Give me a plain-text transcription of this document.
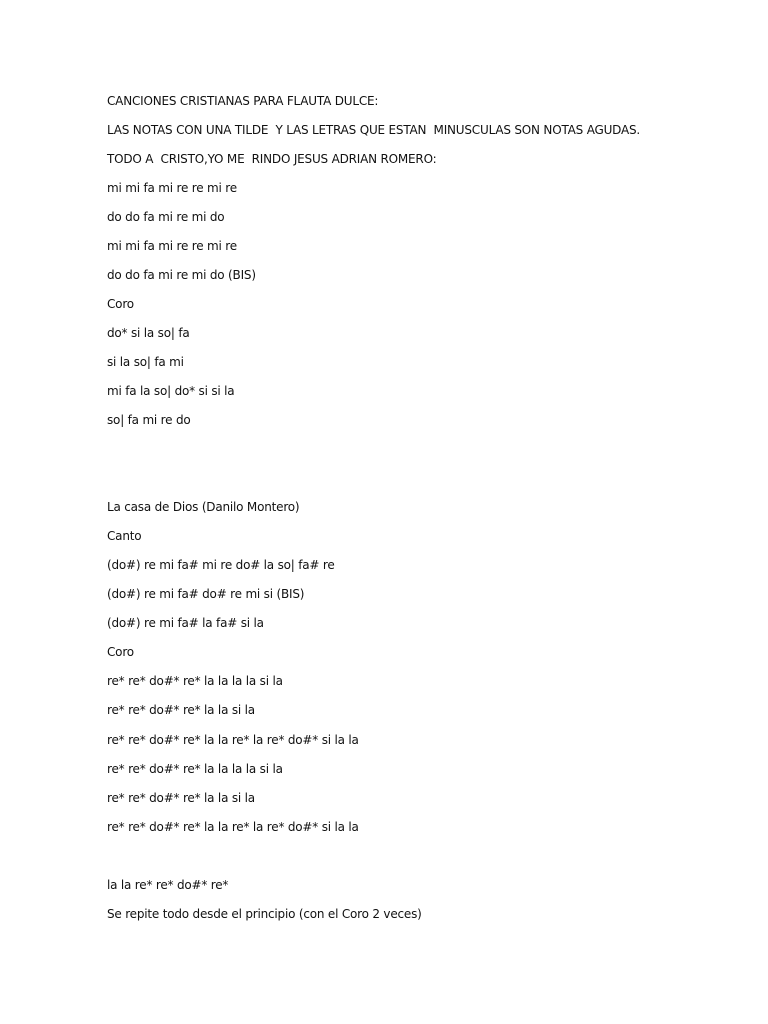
CANCIONES CRISTIANAS PARA FLAUTA DULCE:
LAS NOTAS CON UNA TILDE  Y LAS LETRAS QUE ESTAN  MINUSCULAS SON NOTAS AGUDAS.
TODO A  CRISTO,YO ME  RINDO JESUS ADRIAN ROMERO:
mi mi fa mi re re mi re
do do fa mi re mi do
mi mi fa mi re re mi re
do do fa mi re mi do (BIS)
Coro
do* si la so| fa
si la so| fa mi
mi fa la so| do* si si la
so| fa mi re do
La casa de Dios (Danilo Montero)
Canto
(do#) re mi fa# mi re do# la so| fa# re
(do#) re mi fa# do# re mi si (BIS)
(do#) re mi fa# la fa# si la
Coro
re* re* do#* re* la la la la si la
re* re* do#* re* la la si la
re* re* do#* re* la la re* la re* do#* si la la
re* re* do#* re* la la la la si la
re* re* do#* re* la la si la
re* re* do#* re* la la re* la re* do#* si la la
la la re* re* do#* re*
Se repite todo desde el principio (con el Coro 2 veces)
